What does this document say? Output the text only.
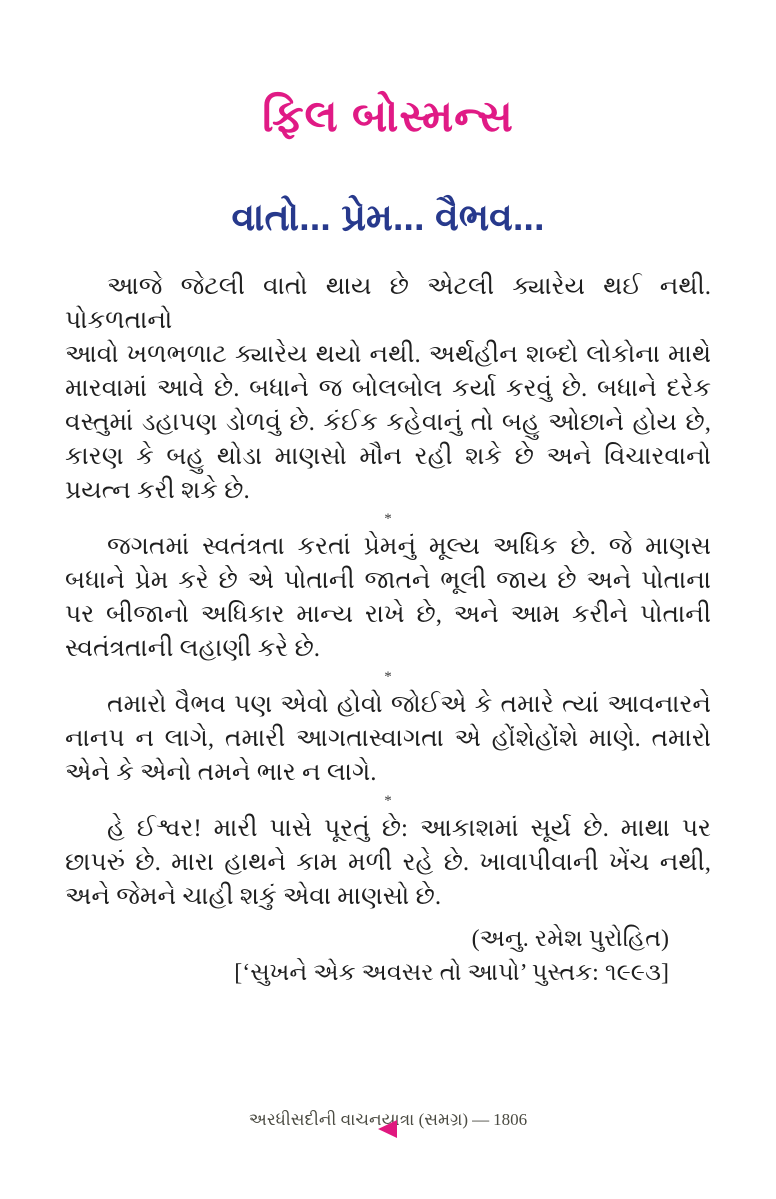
ફિલ બોસ્મન્સ
વાતો... પ્રેમ... વૈભવ...
આજે જેટલી વાતો થાય છે એટલી ક્યારેય થઈ નથી. પોકળતાનો
આવો ખળભળાટ ક્યારેય થયો નથી. અર્થહીન શબ્દો લોકોના માથે
મારવામાં આવે છે. બધાને જ બોલબોલ કર્યા કરવું છે. બધાને દરેક
વસ્તુમાં ડહાપણ ડોળવું છે. કંઈક કહેવાનું તો બહુ ઓછાને હોય છે,
કારણ કે બહુ થોડા માણસો મૌન રહી શકે છે અને વિચારવાનો
પ્રયત્ન કરી શકે છે.
*
જગતમાં સ્વતંત્રતા કરતાં પ્રેમનું મૂલ્ય અધિક છે. જે માણસ
બધાને પ્રેમ કરે છે એ પોતાની જાતને ભૂલી જાય છે અને પોતાના
પર બીજાનો અધિકાર માન્ય રાખે છે, અને આમ કરીને પોતાની
સ્વતંત્રતાની લહાણી કરે છે.
*
તમારો વૈભવ પણ એવો હોવો જોઈએ કે તમારે ત્યાં આવનારને
નાનપ ન લાગે, તમારી આગતાસ્વાગતા એ હોંશેહોંશે માણે. તમારો
એને કે એનો તમને ભાર ન લાગે.
*
હે ઈશ્વર! મારી પાસે પૂરતું છે: આકાશમાં સૂર્ય છે. માથા પર
છાપરું છે. મારા હાથને કામ મળી રહે છે. ખાવાપીવાની ખેંચ નથી,
અને જેમને ચાહી શકું એવા માણસો છે.
(અનુ. રમેશ પુરોહિત)
[‘સુખને એક અવસર તો આપો’ પુસ્તક: ૧૯૯૩]
અરધીસદીની વાચનયાત્રા (સમગ્ર) — 1806
